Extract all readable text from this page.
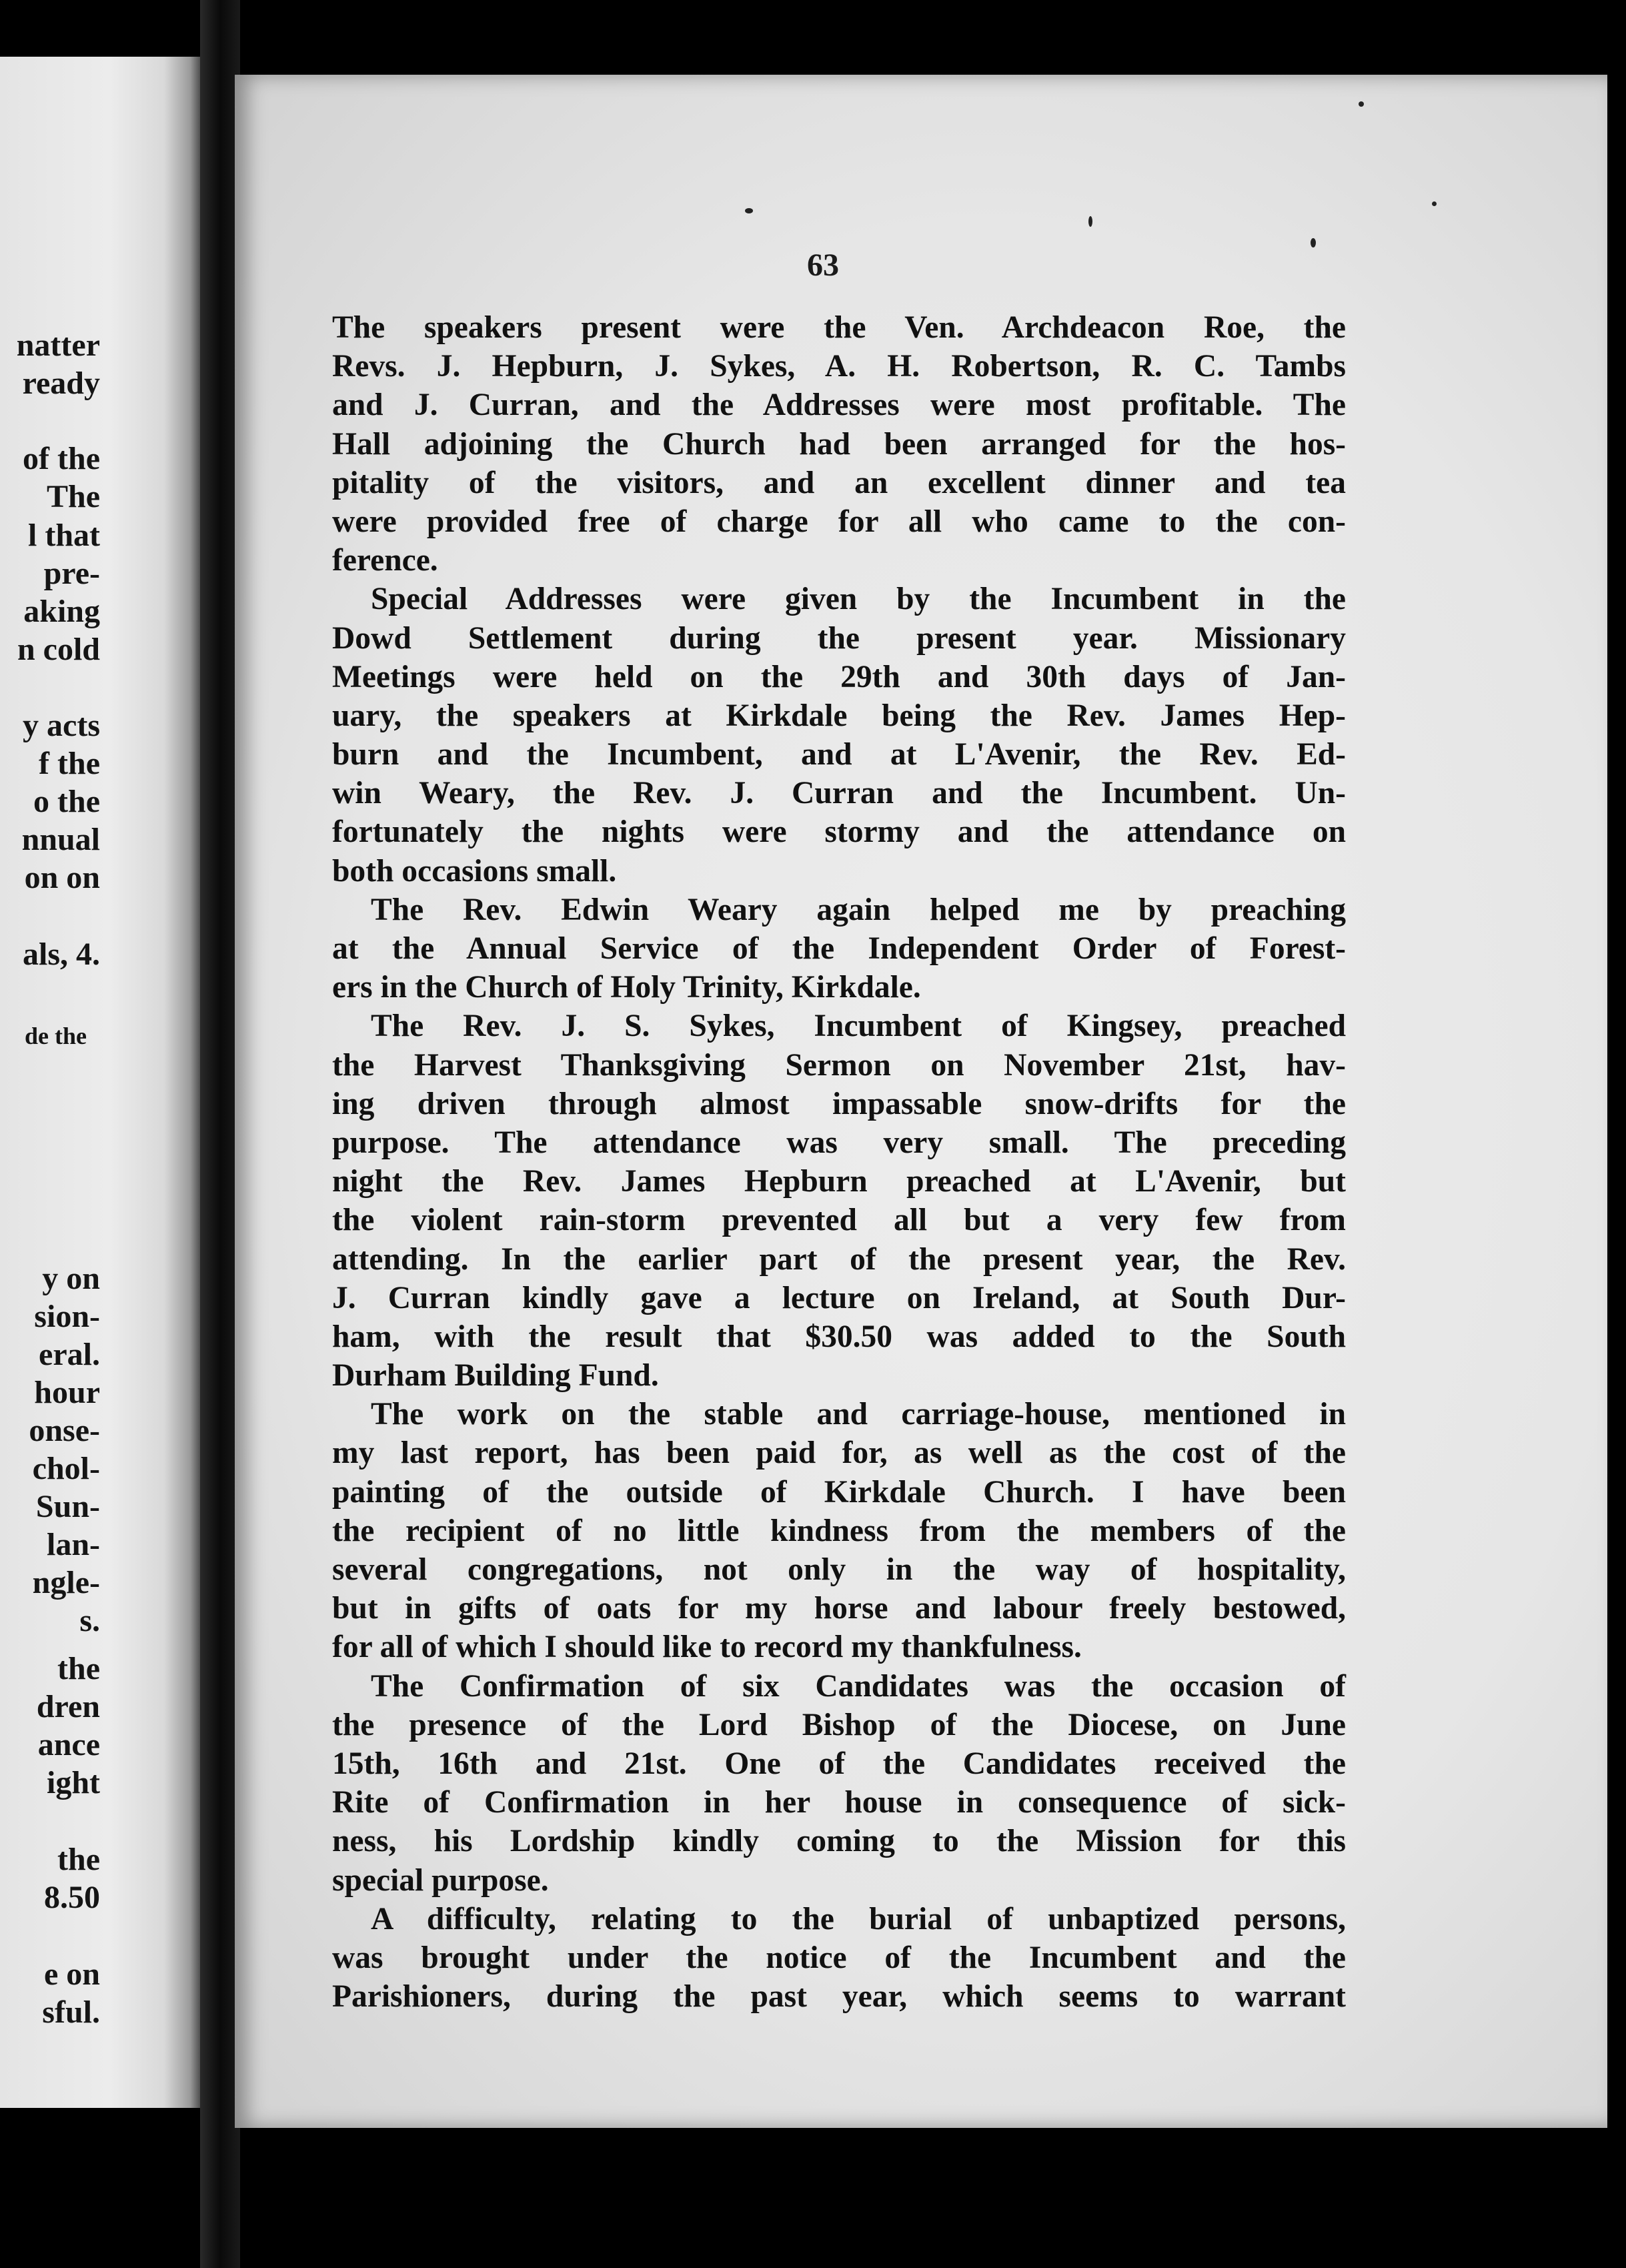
natter
ready
of the
The
l that
pre-
aking
n cold
y acts
f the
o the
nnual
on on
als, 4.
de the
y on
sion-
eral.
hour
onse-
chol-
Sun-
lan-
ngle-
s.
the
dren
ance
ight
the
8.50
e on
sful.
63
The speakers present were the Ven. Archdeacon Roe, the
Revs. J. Hepburn, J. Sykes, A. H. Robertson, R. C. Tambs
and J. Curran, and the Addresses were most profitable. The
Hall adjoining the Church had been arranged for the hos-
pitality of the visitors, and an excellent dinner and tea
were provided free of charge for all who came to the con-
ference.
Special Addresses were given by the Incumbent in the
Dowd Settlement during the present year. Missionary
Meetings were held on the 29th and 30th days of Jan-
uary, the speakers at Kirkdale being the Rev. James Hep-
burn and the Incumbent, and at L'Avenir, the Rev. Ed-
win Weary, the Rev. J. Curran and the Incumbent. Un-
fortunately the nights were stormy and the attendance on
both occasions small.
The Rev. Edwin Weary again helped me by preaching
at the Annual Service of the Independent Order of Forest-
ers in the Church of Holy Trinity, Kirkdale.
The Rev. J. S. Sykes, Incumbent of Kingsey, preached
the Harvest Thanksgiving Sermon on November 21st, hav-
ing driven through almost impassable snow-drifts for the
purpose. The attendance was very small. The preceding
night the Rev. James Hepburn preached at L'Avenir, but
the violent rain-storm prevented all but a very few from
attending. In the earlier part of the present year, the Rev.
J. Curran kindly gave a lecture on Ireland, at South Dur-
ham, with the result that $30.50 was added to the South
Durham Building Fund.
The work on the stable and carriage-house, mentioned in
my last report, has been paid for, as well as the cost of the
painting of the outside of Kirkdale Church. I have been
the recipient of no little kindness from the members of the
several congregations, not only in the way of hospitality,
but in gifts of oats for my horse and labour freely bestowed,
for all of which I should like to record my thankfulness.
The Confirmation of six Candidates was the occasion of
the presence of the Lord Bishop of the Diocese, on June
15th, 16th and 21st. One of the Candidates received the
Rite of Confirmation in her house in consequence of sick-
ness, his Lordship kindly coming to the Mission for this
special purpose.
A difficulty, relating to the burial of unbaptized persons,
was brought under the notice of the Incumbent and the
Parishioners, during the past year, which seems to warrant
